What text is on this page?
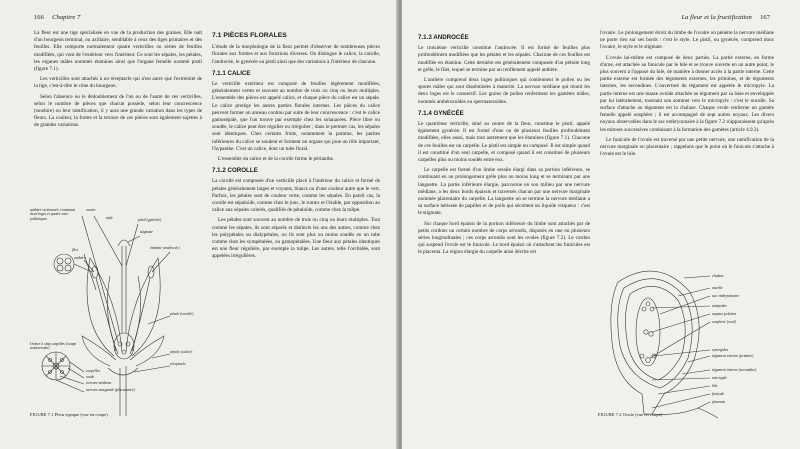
166 Chapitre 7

La fleur est une tige spécialisée en vue de la production des graines. Elle naît d'un bourgeon terminal, ou axillaire, semblable à ceux des tiges primaires et des feuilles. Elle comporte normalement quatre verticilles ou séries de feuilles modifiées, qui vont de l'extérieur vers l'intérieur. Ce sont les sépales, les pétales, les organes mâles nommés étamines ainsi que l'organe femelle nommé pistil (figure 7.1).

Les verticilles sont attachés à un réceptacle qui n'est autre que l'extrémité de la tige, c'est-à-dire le cône du bourgeon.

Selon l'absence ou le dédoublement de l'un ou de l'autre de ces verticilles, selon le nombre de pièces que chacun possède, selon leur concrescence (soudure) ou leur ramification, il y aura une grande variation dans les types de fleurs. La couleur, la forme et la texture de ces pièces sont également sujettes à de grandes variations.

anthère sectionnée, contenant deux loges et quatre sacs polliniques
ovaire
style	pistil (gynécée)
stigmate
filet
anthère
étamine (androcée)
pétale (corolle)
sépale (calice)
réceptacle
Ovaire à cinq carpelles (coupe transversale)
carpelles
ovule
nervure médiane
nervure marginale (placentaire)
FIGURE 7.1 Fleur typique (vue en coupe)
7.1 PIÈCES FLORALES

L'étude de la morphologie de la fleur permet d'observer de nombreuses pièces florales aux formes et aux fonctions diverses. On distingue le calice, la corolle, l'androcée, le gynécée ou pistil ainsi que des variations à l'intérieur de chacune.

7.1.1 CALICE

Le verticille extérieur est composé de feuilles légèrement modifiées, généralement vertes et souvent au nombre de trois ou cinq ou leurs multiples. L'ensemble des pièces est appelé calice, et chaque pièce du calice est un sépale. Le calice protège les autres parties florales internes. Les pièces du calice peuvent former un anneau continu par suite de leur concrescence : c'est le calice gamosépale, que l'on trouve par exemple chez les solanacées. Pièce libre ou soudée, le calice peut être régulier ou irrégulier ; dans le premier cas, les sépales sont identiques. Chez certains fruits, notamment la pomme, les parties inférieures du calice se soudent et forment un organe qui joue un rôle important, l'hypanthe. C'est un calice, dont un tube floral.

L'ensemble du calice et de la corolle forme le périanthe.

7.1.2 COROLLE

La corolle est composée d'un verticille placé à l'intérieur du calice et formé de pétales généralement larges et voyants, blancs ou d'une couleur autre que le vert. Parfois, les pétales sont de couleur verte, comme les sépales. En pareil cas, la corolle est sépaloïde, comme chez le jonc, le rumex et l'érable, par opposition au calice aux sépales colorés, qualifiés de pétaloïde, comme chez la tulipe.

Les pétales sont souvent au nombre de trois ou cinq ou leurs multiples. Tout comme les sépales, ils sont séparés et distincts les uns des autres, comme chez les polypétales ou dialypétales, ou ils sont plus ou moins soudés en un tube comme chez les sympétalées, ou gamopétalées. Une fleur aux pétales identiques est une fleur régulière, par exemple la tulipe. Les autres, telle l'orchidée, sont appelées irrégulières.

La fleur et la fructification 167
7.1.3 ANDROCÉE

Le troisième verticille constitue l'androcée. Il est formé de feuilles plus profondément modifiées que les pétales et les sépales. Chacune de ces feuilles est modifiée en étamine. Cette dernière est généralement composée d'un pétiole long et grêle, le filet, lequel se termine par un renflement appelé anthère.

L'anthère comprend deux loges polliniques qui contiennent le pollen ou les spores mâles qui sont disséminées à maturité. La nervure médiane qui réunit les deux loges est le connectif. Les grains de pollen renferment les gamètes mâles, nommés anthérozoïdes ou spermatozoïdes.

7.1.4 GYNÉCÉE

Le quatrième verticille, situé au centre de la fleur, constitue le pistil, appelé également gynécée. Il est formé d'une ou de plusieurs feuilles profondément modifiées, elles aussi, mais tout autrement que les étamines (figure 7.1). Chacune de ces feuilles est un carpelle. Le pistil est simple ou composé. Il est simple quand il est constitué d'un seul carpelle, et composé quand il est constitué de plusieurs carpelles plus ou moins soudés entre eux.

Le carpelle est formé d'un limbe sessile élargi dans sa portion inférieure, se continuant en un prolongement grêle plus ou moins long et se terminant par une languette. La partie inférieure élargie, parcourue en son milieu par une nervure médiane, a les deux bords épaissis et traversés chacun par une nervure marginale nommée placentaire du carpelle. La languette où se termine la nervure médiane a sa surface hérissée de papilles et de poils qui sécrètent un liquide visqueux : c'est le stigmate.

Sur chaque bord épaissi de la portion inférieure du limbe sont attachés par de petits cordons un certain nombre de corps arrondis, disposés en une ou plusieurs séries longitudinales ; ces corps arrondis sont les ovules (figure 7.2). Le cordon qui suspend l'ovule est le funicule. Le bord épaissi où s'attachent les funicules est le placenta. La région élargie du carpelle ainsi décrite est

l'ovaire. Le prolongement étroit du limbe de l'ovaire où pénètre la nervure médiane ne porte rien sur ses bords : c'est le style. Le pistil, ou gynécée, comprend donc l'ovaire, le style et le stigmate.

L'ovule lui-même est composé de deux parties. La partie externe, en forme d'urne, est attachée au funicule par le hile et se trouve ouverte en un autre point, le plus souvent à l'opposé du hile, de manière à donner accès à la partie interne. Cette partie externe est formée des téguments externes, les primines, et de téguments internes, les secondines. L'ouverture du tégument est appelée le micropyle. La partie interne est une masse ovoïde attachée au tégument par sa base et enveloppée par lui latéralement, tournant son sommet vers le micropyle : c'est le nucelle. Sa surface d'attache au tégument est la chalaze. Chaque ovule renferme un gamète femelle appelé oosphère ; il est accompagné de sept autres noyaux. Les divers noyaux observables dans le sac embryonnaire à la figure 7.2 n'apparaissent qu'après les mitoses successives conduisant à la formation des gamètes (article 4.9.3).

Le funicule de l'ovule est traversé par une petite nervure, une ramification de la nervure marginale ou placentaire ; rappelons que le point où le funicule s'attache à l'ovule est le hile.

chalaze
nucelle
sac embryonnaire
antipodes
noyaux polaires
oosphère (ovul)
synergides
tégument externe (primine)
tégument interne (secondine)
micropyle
hile
funicule
placenta
FIGURE 7.2 Ovule (vue en coupe)
